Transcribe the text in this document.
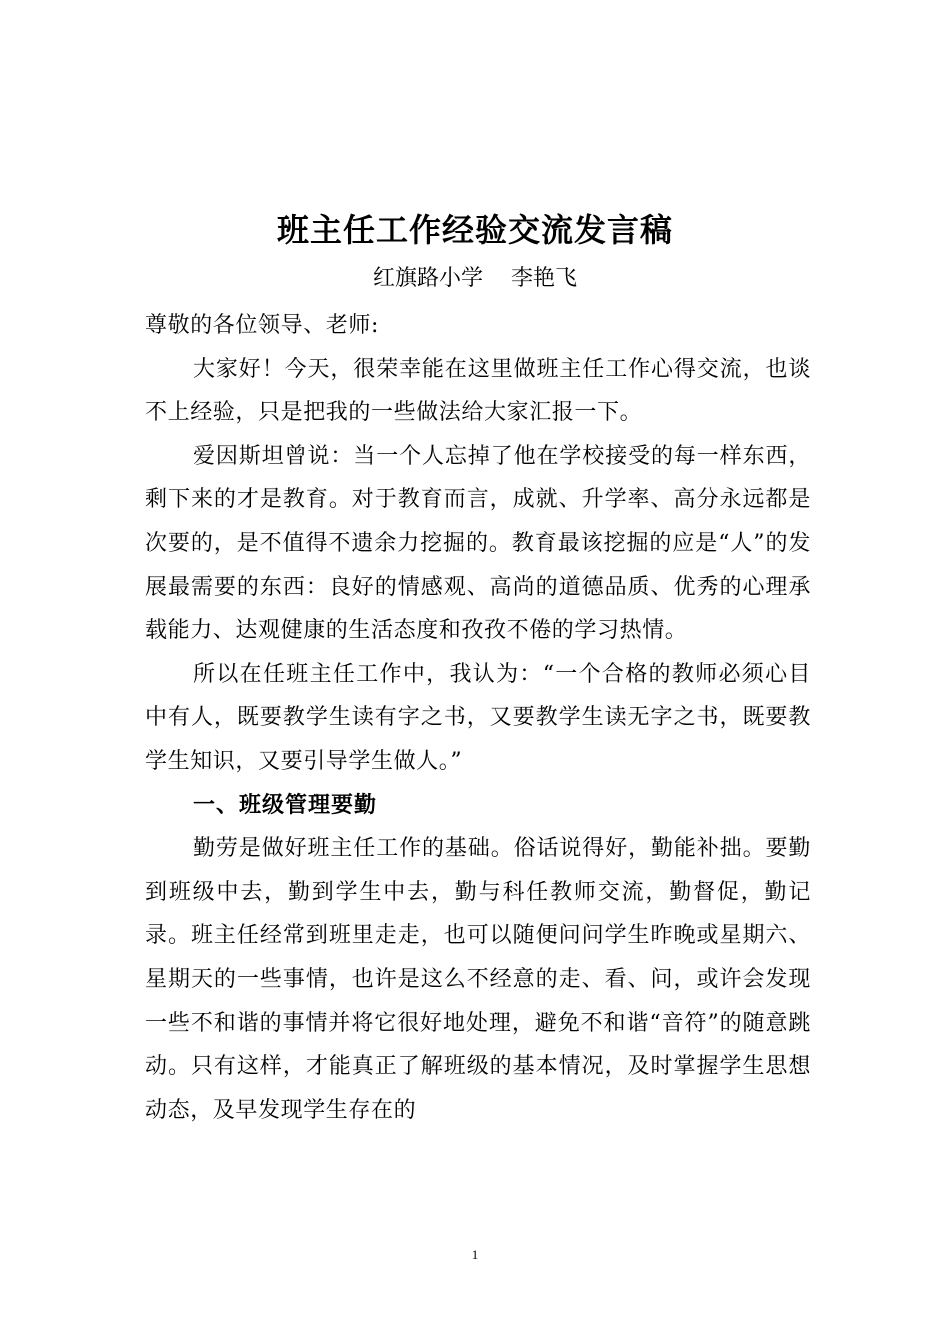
班主任工作经验交流发言稿
红旗路小学    李艳飞

尊敬的各位领导、老师:

大家好！今天，很荣幸能在这里做班主任工作心得交流，也谈不上经验，只是把我的一些做法给大家汇报一下。

爱因斯坦曾说：当一个人忘掉了他在学校接受的每一样东西，剩下来的才是教育。对于教育而言，成就、升学率、高分永远都是次要的，是不值得不遗余力挖掘的。教育最该挖掘的应是“人”的发展最需要的东西：良好的情感观、高尚的道德品质、优秀的心理承载能力、达观健康的生活态度和孜孜不倦的学习热情。

所以在任班主任工作中，我认为：“一个合格的教师必须心目中有人，既要教学生读有字之书，又要教学生读无字之书，既要教学生知识，又要引导学生做人。”

一、班级管理要勤

勤劳是做好班主任工作的基础。俗话说得好，勤能补拙。要勤到班级中去，勤到学生中去，勤与科任教师交流，勤督促，勤记录。班主任经常到班里走走，也可以随便问问学生昨晚或星期六、星期天的一些事情，也许是这么不经意的走、看、问，或许会发现一些不和谐的事情并将它很好地处理，避免不和谐“音符”的随意跳动。只有这样，才能真正了解班级的基本情况，及时掌握学生思想动态，及早发现学生存在的

1
